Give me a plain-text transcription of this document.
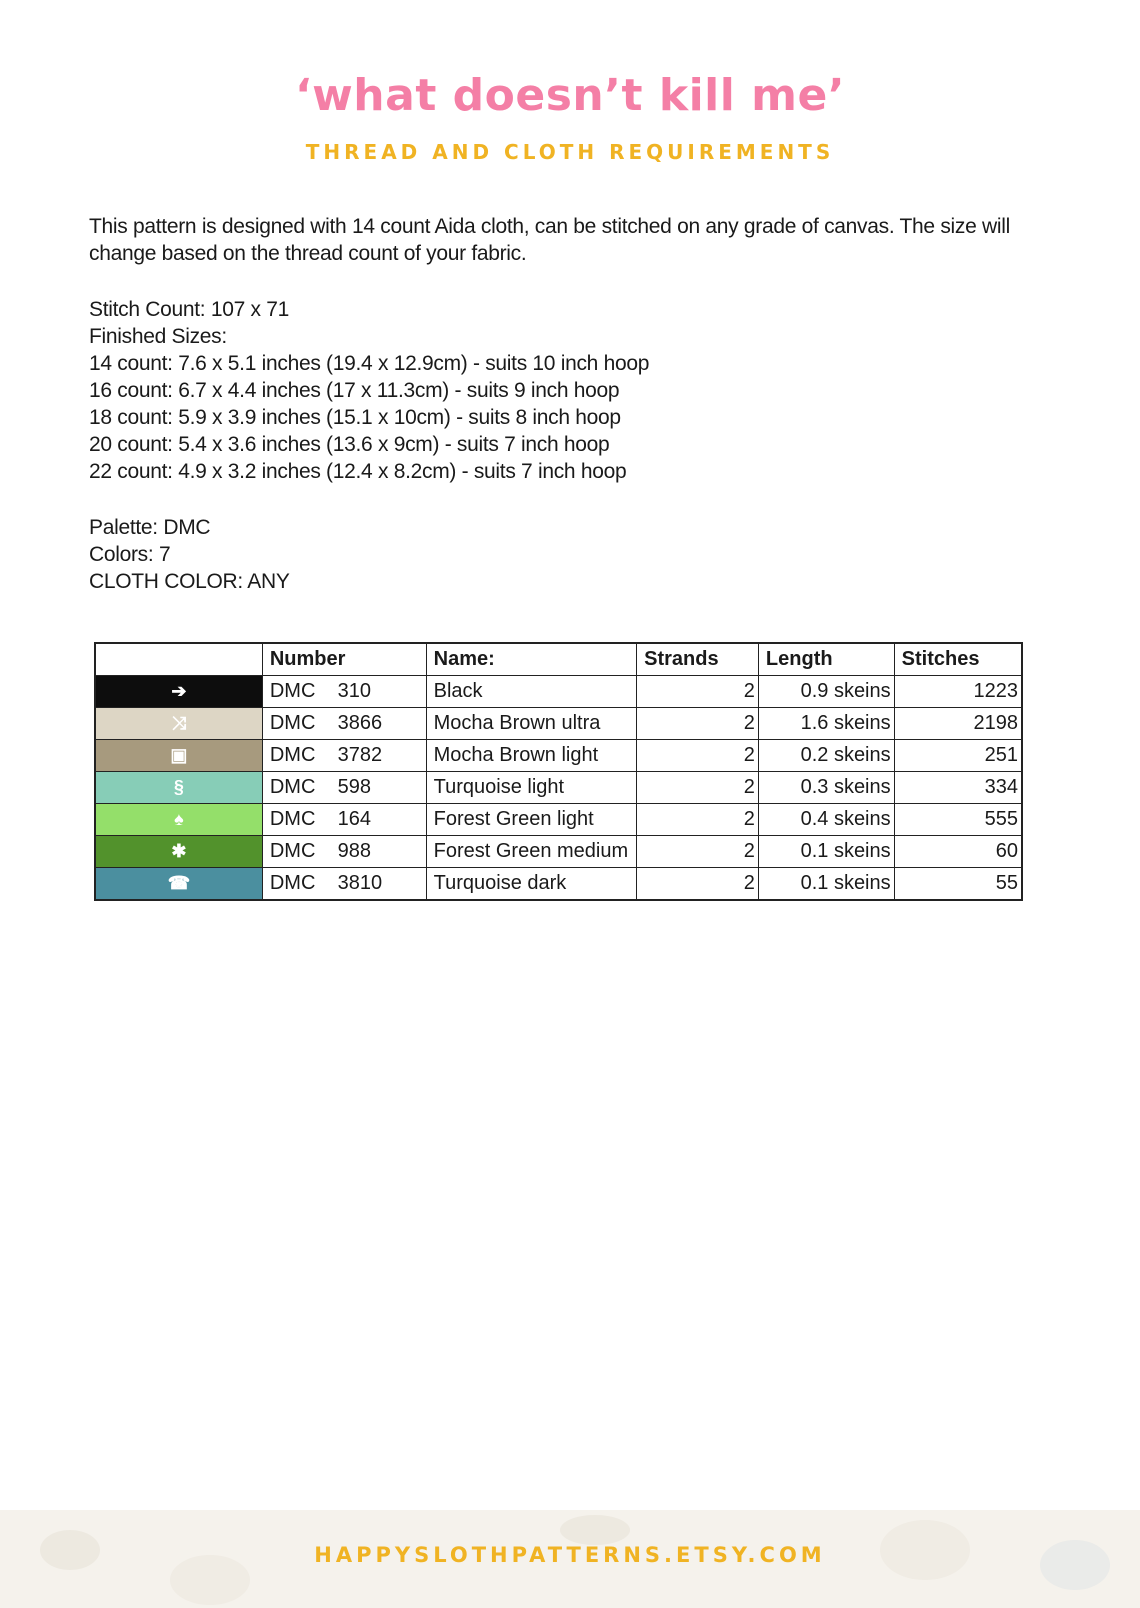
‘what doesn’t kill me’
THREAD AND CLOTH REQUIREMENTS

This pattern is designed with 14 count Aida cloth, can be stitched on any grade of canvas. The size will change based on the thread count of your fabric.

Stitch Count: 107 x 71
Finished Sizes:
14 count: 7.6 x 5.1 inches (19.4 x 12.9cm) - suits 10 inch hoop
16 count: 6.7 x 4.4 inches (17 x 11.3cm) - suits 9 inch hoop
18 count: 5.9 x 3.9 inches (15.1 x 10cm) - suits 8 inch hoop
20 count: 5.4 x 3.6 inches (13.6 x 9cm) - suits 7 inch hoop
22 count: 4.9 x 3.2 inches (12.4 x 8.2cm) - suits 7 inch hoop
Palette: DMC
Colors: 7
CLOTH COLOR: ANY
	Number	Name:	Strands	Length	Stitches
➔	DMC    310	Black	2	0.9 skeins	1223
⤨	DMC    3866	Mocha Brown ultra	2	1.6 skeins	2198
▣	DMC    3782	Mocha Brown light	2	0.2 skeins	251
§	DMC    598	Turquoise light	2	0.3 skeins	334
♠	DMC    164	Forest Green light	2	0.4 skeins	555
✱	DMC    988	Forest Green medium	2	0.1 skeins	60
☎	DMC    3810	Turquoise dark	2	0.1 skeins	55
HAPPYSLOTHPATTERNS.ETSY.COM
